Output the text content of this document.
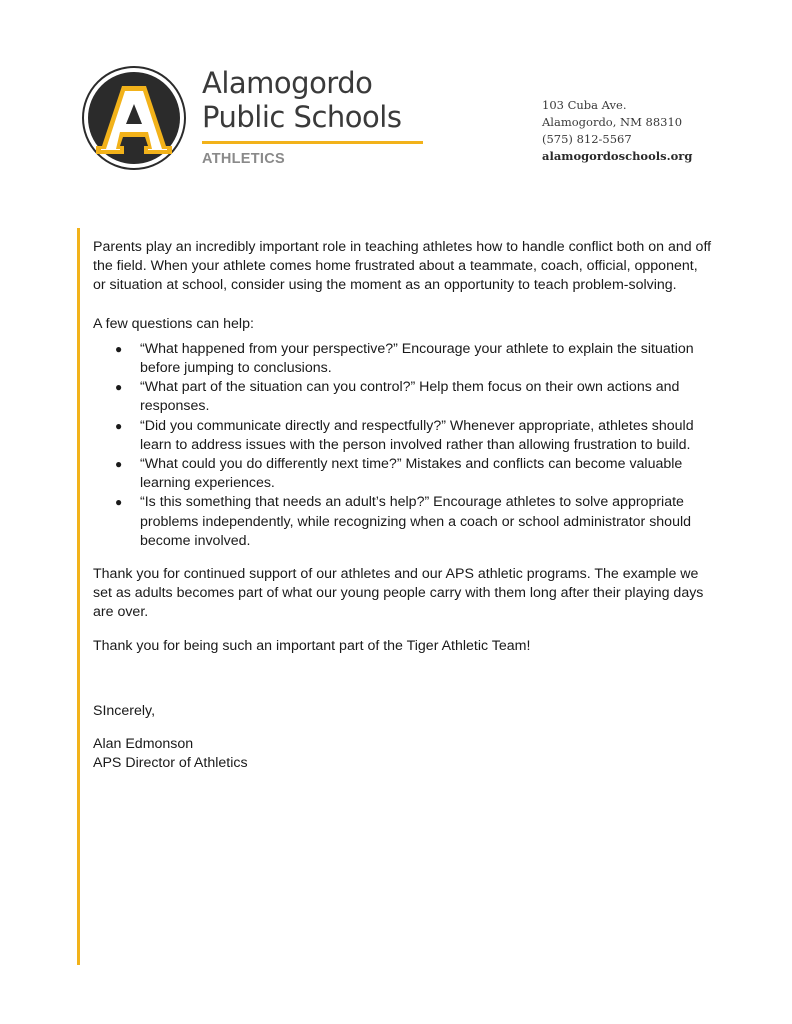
Alamogordo
Public Schools
ATHLETICS
103 Cuba Ave.
Alamogordo, NM 88310
(575) 812-5567
alamogordoschools.org

Parents play an incredibly important role in teaching athletes how to handle conflict both on and off the field. When your athlete comes home frustrated about a teammate, coach, official, opponent, or situation at school, consider using the moment as an opportunity to teach problem-solving.

A few questions can help:

● “What happened from your perspective?” Encourage your athlete to explain the situation before jumping to conclusions.
● “What part of the situation can you control?” Help them focus on their own actions and responses.
● “Did you communicate directly and respectfully?” Whenever appropriate, athletes should learn to address issues with the person involved rather than allowing frustration to build.
● “What could you do differently next time?” Mistakes and conflicts can become valuable learning experiences.
● “Is this something that needs an adult’s help?” Encourage athletes to solve appropriate problems independently, while recognizing when a coach or school administrator should become involved.

Thank you for continued support of our athletes and our APS athletic programs. The example we set as adults becomes part of what our young people carry with them long after their playing days are over.

Thank you for being such an important part of the Tiger Athletic Team!

SIncerely,

Alan Edmonson

APS Director of Athletics
